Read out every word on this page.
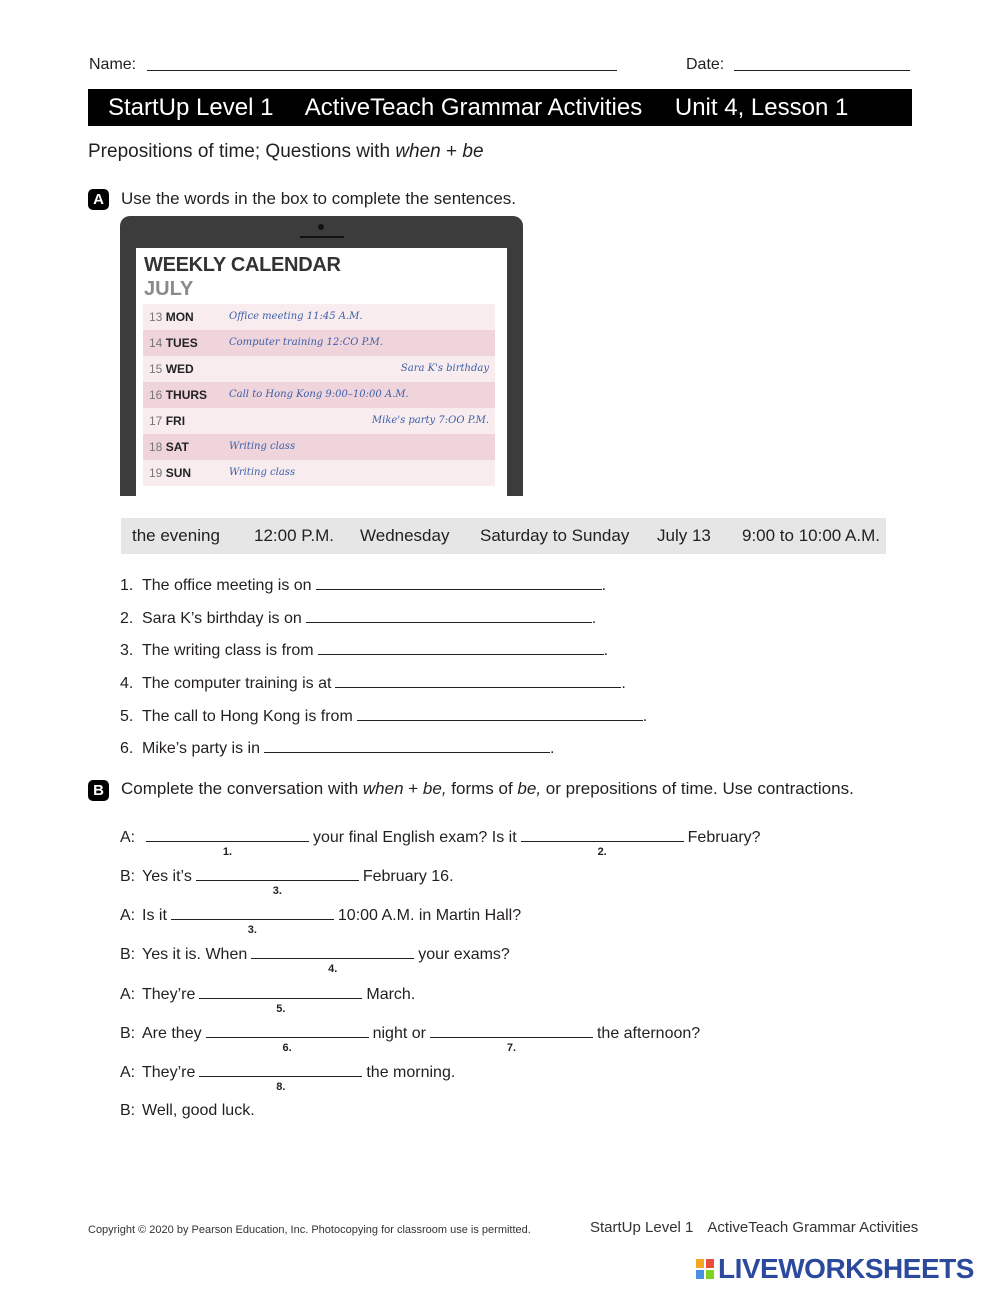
Name:	Date:
StartUp Level 1 ActiveTeach Grammar Activities Unit 4, Lesson 1
Prepositions of time; Questions with when + be
A Use the words in the box to complete the sentences.
WEEKLY CALENDAR
JULY
13 MON	Office meeting 11:45 A.M.
14 TUES	Computer training 12:CO P.M.
15 WED	Sara K's birthday
16 THURS Call to Hong Kong 9:00–10:00 A.M.
17 FRI	Mike's party 7:OO P.M.
18 SAT	Writing class
19 SUN	Writing class
the evening 12:00 P.M. Wednesday Saturday to Sunday July 13 9:00 to 10:00 A.M.
1. The office meeting is on	.
2. Sara K’s birthday is on	.
3. The writing class is from	.
4. The computer training is at	.
5. The call to Hong Kong is from	.
6. Mike’s party is in	.
B Complete the conversation with when + be, forms of be, or prepositions of time. Use contractions.
A:
1.
your final English exam? Is it
2.
February?
B: Yes it’s
3.
February 16.
A: Is it
3.
10:00 A.M. in Martin Hall?
B: Yes it is. When
4.
your exams?
A: They’re
5.
March.
B: Are they
6.
night or
7.
the afternoon?
A: They’re
8.
the morning.
B: Well, good luck.
Copyright © 2020 by Pearson Education, Inc. Photocopying for classroom use is permitted.	StartUp Level 1 ActiveTeach Grammar Activities
LIVEWORKSHEETS
